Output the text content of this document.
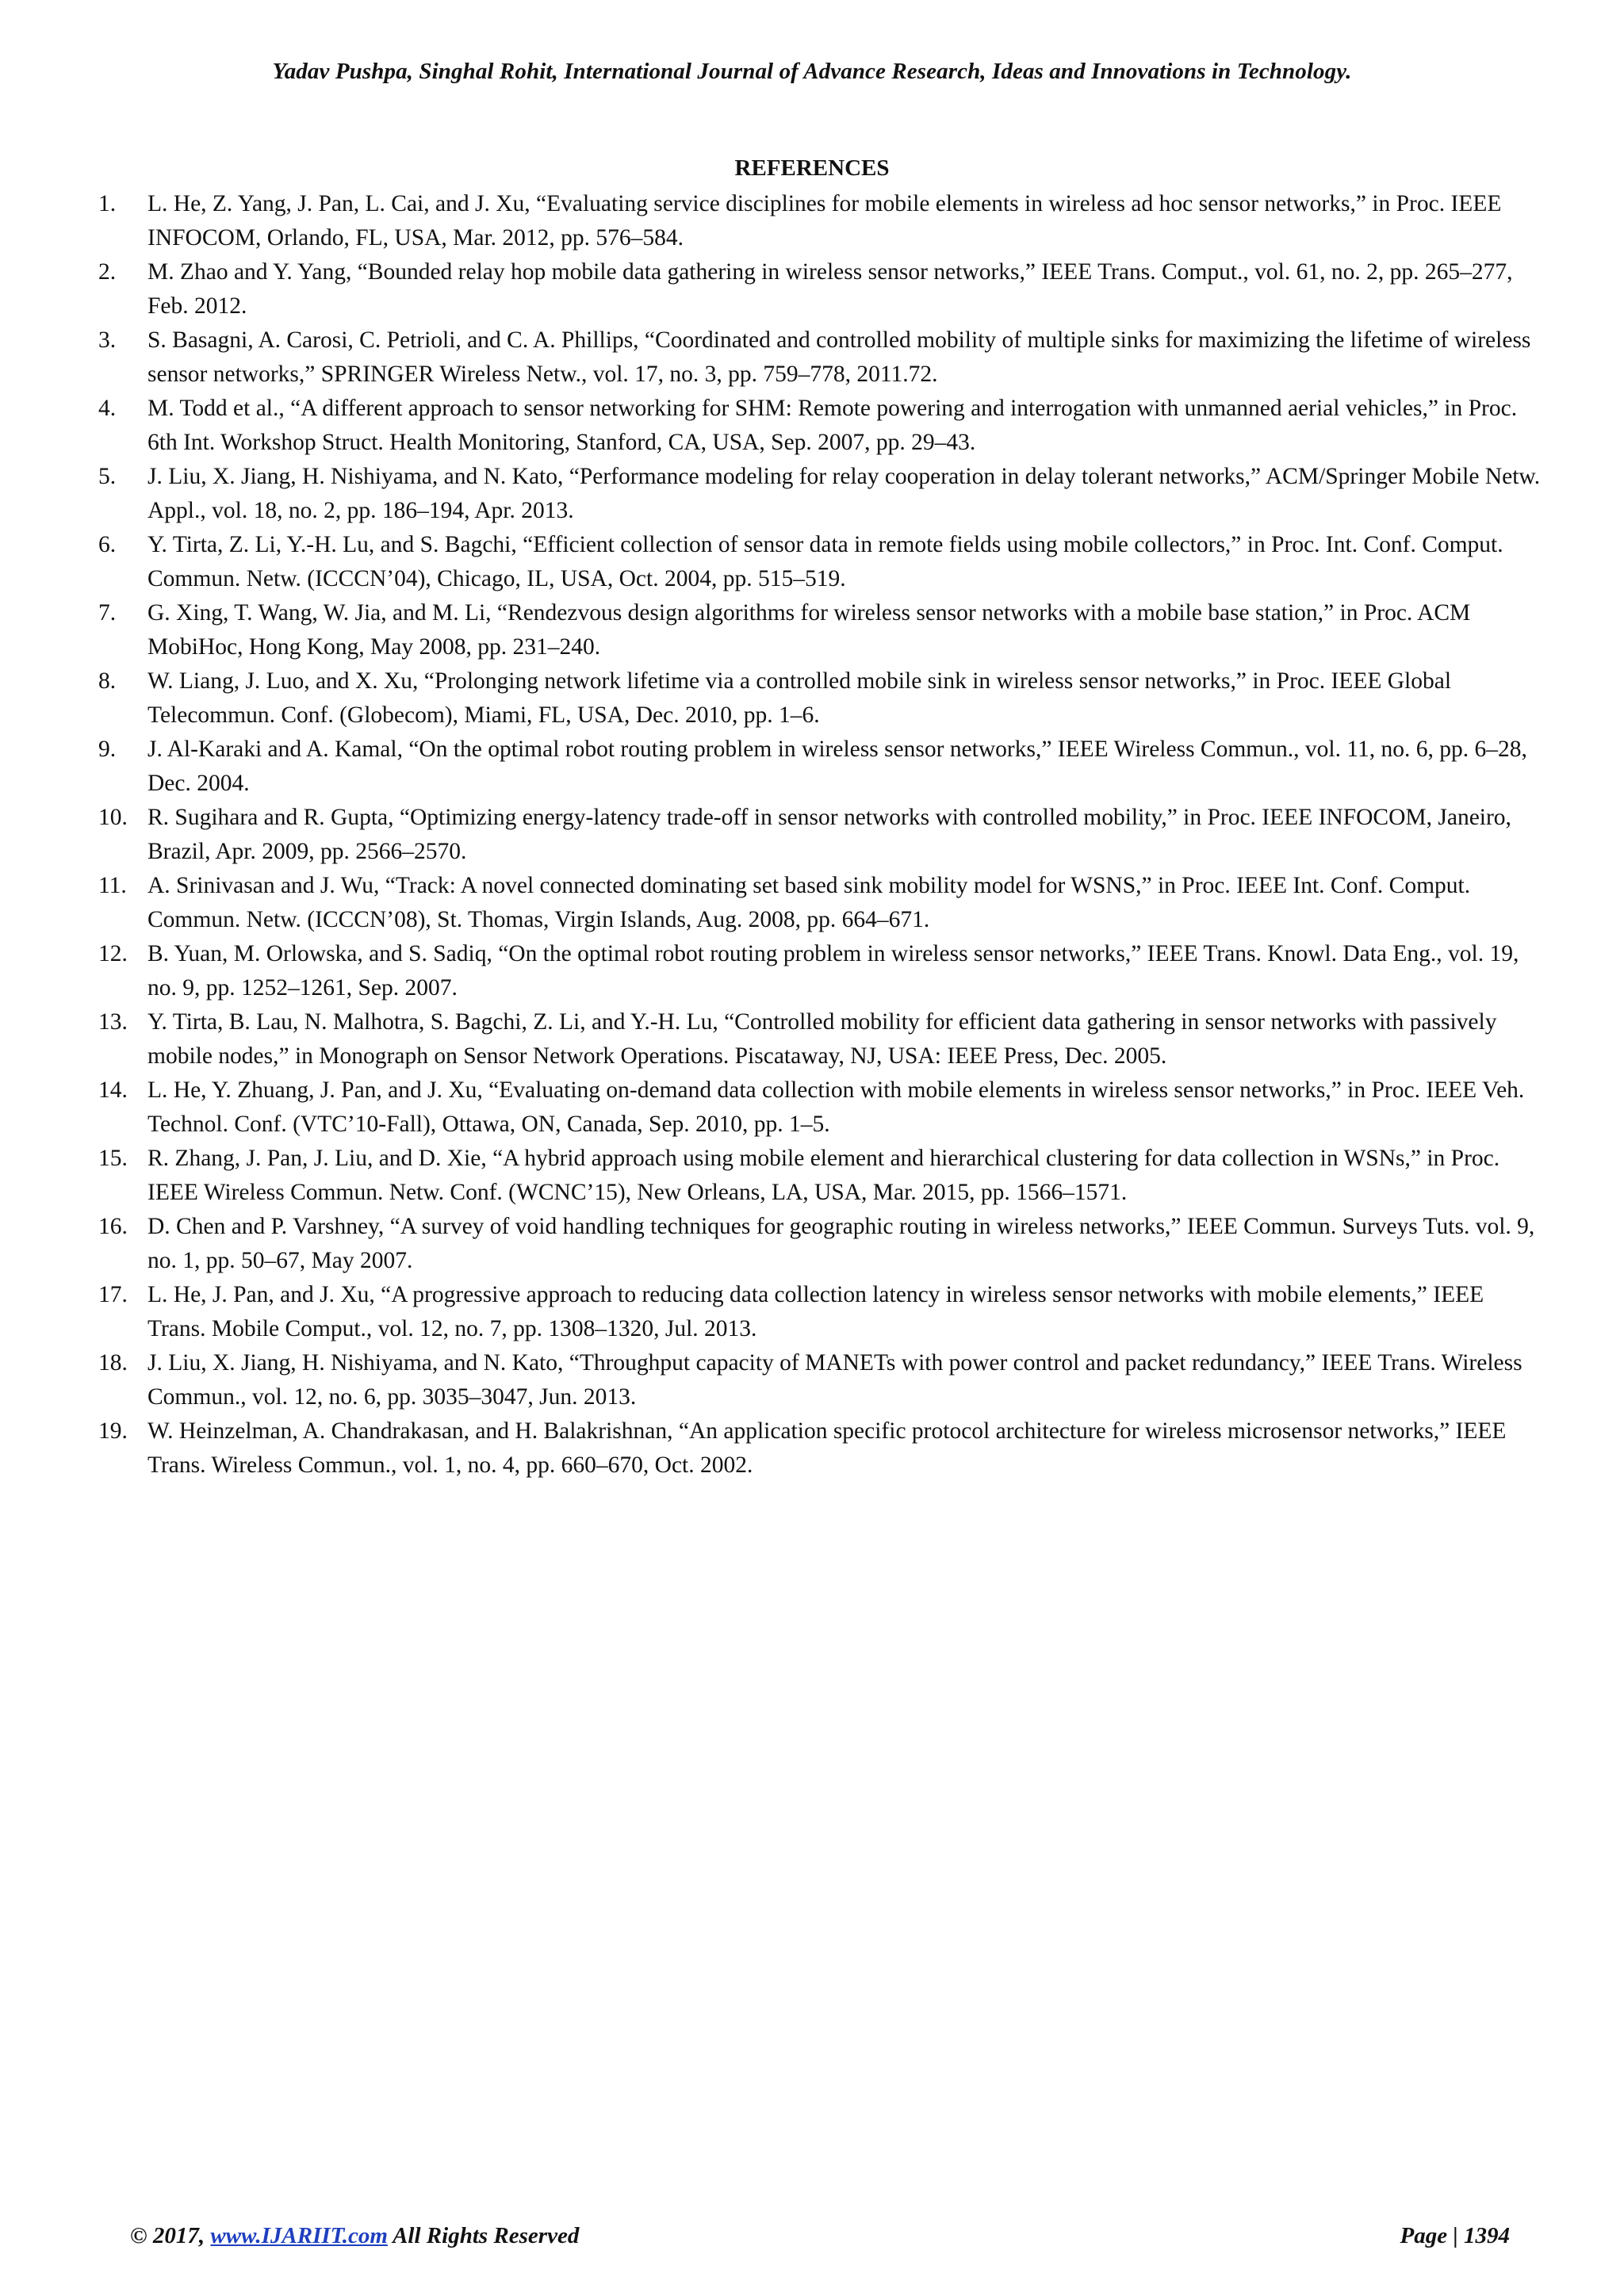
Yadav Pushpa, Singhal Rohit, International Journal of Advance Research, Ideas and Innovations in Technology.
REFERENCES
1. L. He, Z. Yang, J. Pan, L. Cai, and J. Xu, “Evaluating service disciplines for mobile elements in wireless ad hoc sensor networks,” in Proc. IEEE INFOCOM, Orlando, FL, USA, Mar. 2012, pp. 576–584.
2. M. Zhao and Y. Yang, “Bounded relay hop mobile data gathering in wireless sensor networks,” IEEE Trans. Comput., vol. 61, no. 2, pp. 265–277, Feb. 2012.
3. S. Basagni, A. Carosi, C. Petrioli, and C. A. Phillips, “Coordinated and controlled mobility of multiple sinks for maximizing the lifetime of wireless sensor networks,” SPRINGER Wireless Netw., vol. 17, no. 3, pp. 759–778, 2011.72.
4. M. Todd et al., “A different approach to sensor networking for SHM: Remote powering and interrogation with unmanned aerial vehicles,” in Proc. 6th Int. Workshop Struct. Health Monitoring, Stanford, CA, USA, Sep. 2007, pp. 29–43.
5. J. Liu, X. Jiang, H. Nishiyama, and N. Kato, “Performance modeling for relay cooperation in delay tolerant networks,” ACM/Springer Mobile Netw. Appl., vol. 18, no. 2, pp. 186–194, Apr. 2013.
6. Y. Tirta, Z. Li, Y.-H. Lu, and S. Bagchi, “Efficient collection of sensor data in remote fields using mobile collectors,” in Proc. Int. Conf. Comput. Commun. Netw. (ICCCN’04), Chicago, IL, USA, Oct. 2004, pp. 515–519.
7. G. Xing, T. Wang, W. Jia, and M. Li, “Rendezvous design algorithms for wireless sensor networks with a mobile base station,” in Proc. ACM MobiHoc, Hong Kong, May 2008, pp. 231–240.
8. W. Liang, J. Luo, and X. Xu, “Prolonging network lifetime via a controlled mobile sink in wireless sensor networks,” in Proc. IEEE Global Telecommun. Conf. (Globecom), Miami, FL, USA, Dec. 2010, pp. 1–6.
9. J. Al-Karaki and A. Kamal, “On the optimal robot routing problem in wireless sensor networks,” IEEE Wireless Commun., vol. 11, no. 6, pp. 6–28, Dec. 2004.
10. R. Sugihara and R. Gupta, “Optimizing energy-latency trade-off in sensor networks with controlled mobility,” in Proc. IEEE INFOCOM, Janeiro, Brazil, Apr. 2009, pp. 2566–2570.
11. A. Srinivasan and J. Wu, “Track: A novel connected dominating set based sink mobility model for WSNS,” in Proc. IEEE Int. Conf. Comput. Commun. Netw. (ICCCN’08), St. Thomas, Virgin Islands, Aug. 2008, pp. 664–671.
12. B. Yuan, M. Orlowska, and S. Sadiq, “On the optimal robot routing problem in wireless sensor networks,” IEEE Trans. Knowl. Data Eng., vol. 19, no. 9, pp. 1252–1261, Sep. 2007.
13. Y. Tirta, B. Lau, N. Malhotra, S. Bagchi, Z. Li, and Y.-H. Lu, “Controlled mobility for efficient data gathering in sensor networks with passively mobile nodes,” in Monograph on Sensor Network Operations. Piscataway, NJ, USA: IEEE Press, Dec. 2005.
14. L. He, Y. Zhuang, J. Pan, and J. Xu, “Evaluating on-demand data collection with mobile elements in wireless sensor networks,” in Proc. IEEE Veh. Technol. Conf. (VTC’10-Fall), Ottawa, ON, Canada, Sep. 2010, pp. 1–5.
15. R. Zhang, J. Pan, J. Liu, and D. Xie, “A hybrid approach using mobile element and hierarchical clustering for data collection in WSNs,” in Proc. IEEE Wireless Commun. Netw. Conf. (WCNC’15), New Orleans, LA, USA, Mar. 2015, pp. 1566–1571.
16. D. Chen and P. Varshney, “A survey of void handling techniques for geographic routing in wireless networks,” IEEE Commun. Surveys Tuts. vol. 9, no. 1, pp. 50–67, May 2007.
17. L. He, J. Pan, and J. Xu, “A progressive approach to reducing data collection latency in wireless sensor networks with mobile elements,” IEEE Trans. Mobile Comput., vol. 12, no. 7, pp. 1308–1320, Jul. 2013.
18. J. Liu, X. Jiang, H. Nishiyama, and N. Kato, “Throughput capacity of MANETs with power control and packet redundancy,” IEEE Trans. Wireless Commun., vol. 12, no. 6, pp. 3035–3047, Jun. 2013.
19. W. Heinzelman, A. Chandrakasan, and H. Balakrishnan, “An application specific protocol architecture for wireless microsensor networks,” IEEE Trans. Wireless Commun., vol. 1, no. 4, pp. 660–670, Oct. 2002.
© 2017, www.IJARIIT.com All Rights Reserved	Page | 1394
